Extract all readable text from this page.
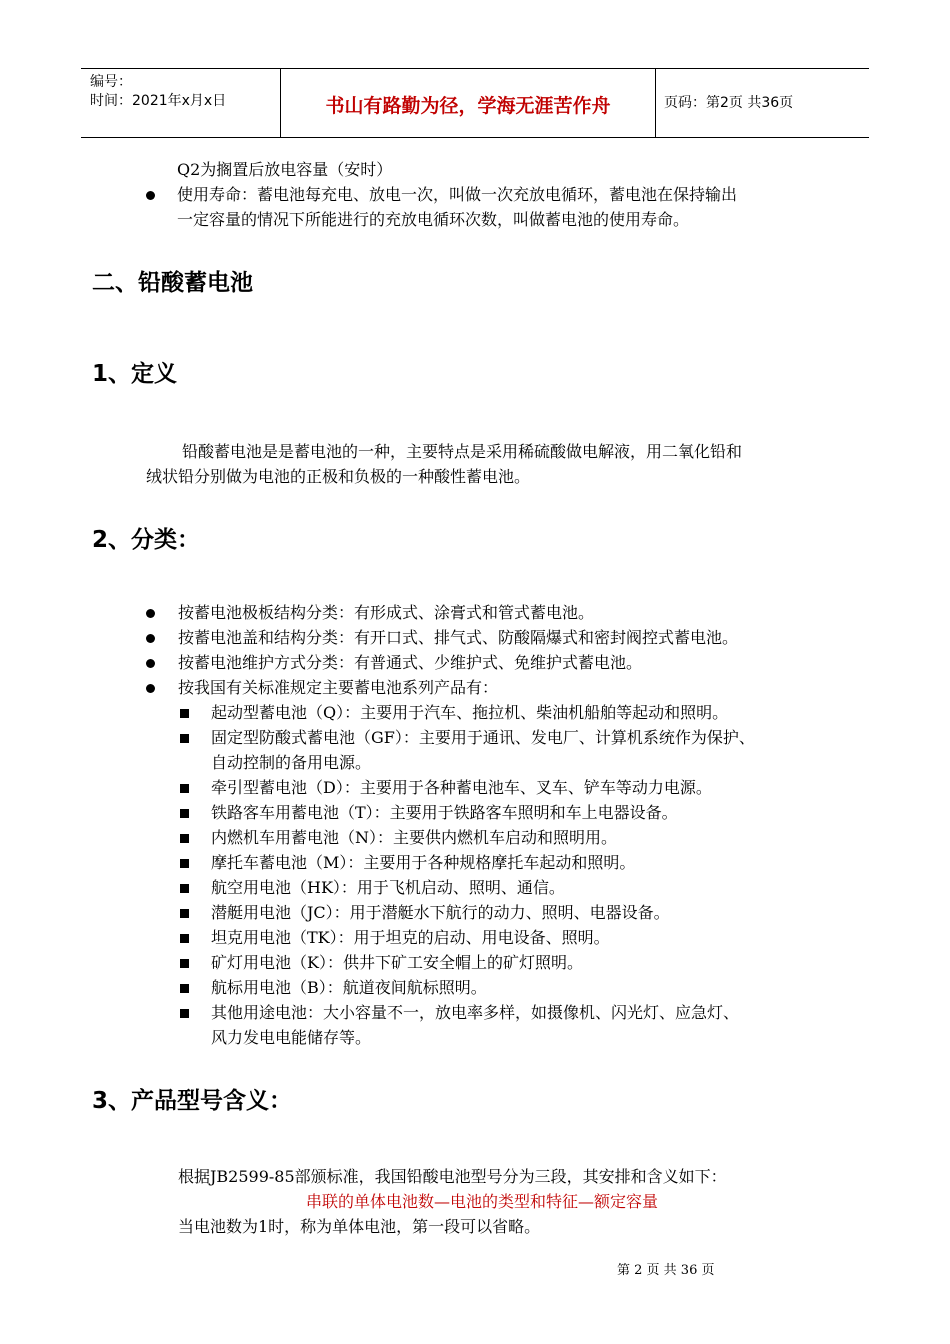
编号：
时间：2021年x月x日	书山有路勤为径，学海无涯苦作舟	页码：第2页 共36页
Q2为搁置后放电容量（安时）
使用寿命：蓄电池每充电、放电一次，叫做一次充放电循环，蓄电池在保持输出
一定容量的情况下所能进行的充放电循环次数，叫做蓄电池的使用寿命。
二、铅酸蓄电池
1、定义
铅酸蓄电池是是蓄电池的一种，主要特点是采用稀硫酸做电解液，用二氧化铅和
绒状铅分别做为电池的正极和负极的一种酸性蓄电池。
2、分类：
按蓄电池极板结构分类：有形成式、涂膏式和管式蓄电池。
按蓄电池盖和结构分类：有开口式、排气式、防酸隔爆式和密封阀控式蓄电池。
按蓄电池维护方式分类：有普通式、少维护式、免维护式蓄电池。
按我国有关标准规定主要蓄电池系列产品有：
起动型蓄电池（Q）：主要用于汽车、拖拉机、柴油机船舶等起动和照明。
固定型防酸式蓄电池（GF）：主要用于通讯、发电厂、计算机系统作为保护、
自动控制的备用电源。
牵引型蓄电池（D）：主要用于各种蓄电池车、叉车、铲车等动力电源。
铁路客车用蓄电池（T）：主要用于铁路客车照明和车上电器设备。
内燃机车用蓄电池（N）：主要供内燃机车启动和照明用。
摩托车蓄电池（M）：主要用于各种规格摩托车起动和照明。
航空用电池（HK）：用于飞机启动、照明、通信。
潜艇用电池（JC）：用于潜艇水下航行的动力、照明、电器设备。
坦克用电池（TK）：用于坦克的启动、用电设备、照明。
矿灯用电池（K）：供井下矿工安全帽上的矿灯照明。
航标用电池（B）：航道夜间航标照明。
其他用途电池：大小容量不一，放电率多样，如摄像机、闪光灯、应急灯、
风力发电电能储存等。
3、产品型号含义：
根据JB2599-85部颁标准，我国铅酸电池型号分为三段，其安排和含义如下：
串联的单体电池数—电池的类型和特征—额定容量
当电池数为1时，称为单体电池，第一段可以省略。
第 2 页 共 36 页
